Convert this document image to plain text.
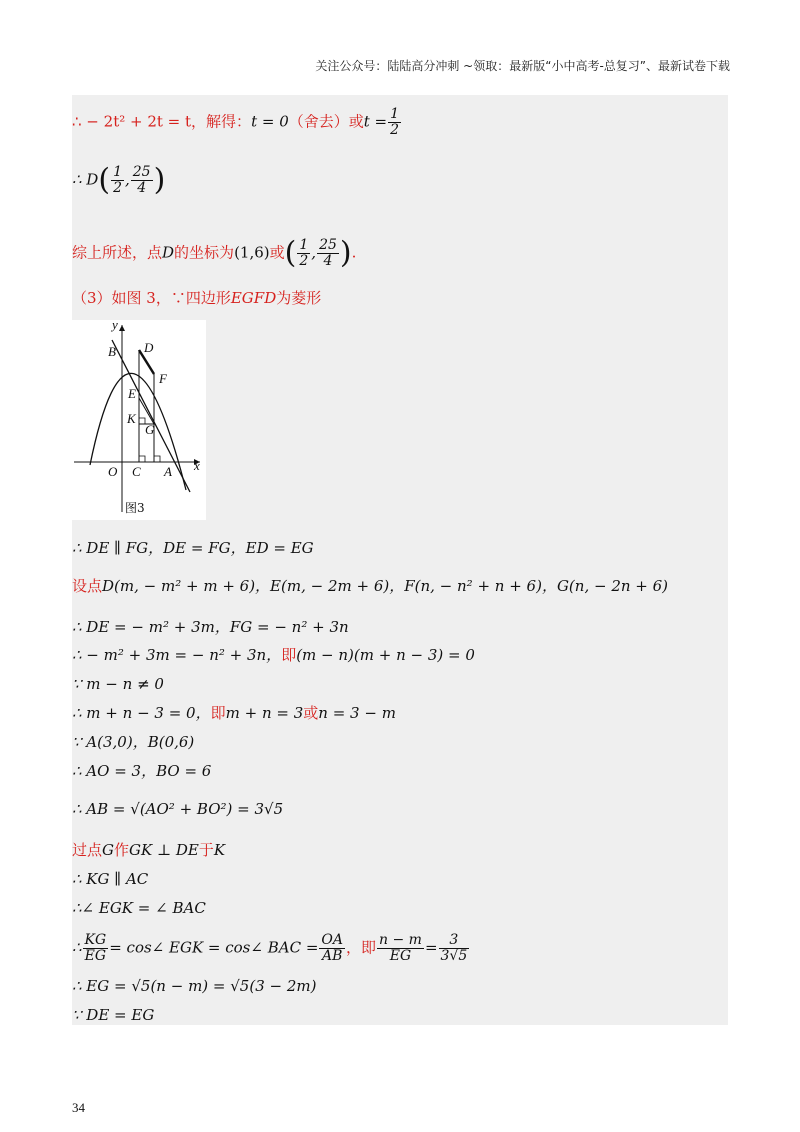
关注公众号：陆陆高分冲刺 ~领取：最新版“小中高考-总复习”、最新试卷下载
∴ − 2t² + 2t = t，解得：t = 0（舍去）或$t = \frac{1}{2}$
∴ $D( \frac{1}{2}$ , $\frac{25}{4}$ )
综上所述，点D的坐标为(1,6)或( $\frac{1}{2}$ , $\frac{25}{4}$ ).
（3）如图 3，∵四边形EGFD为菱形
y
B D
F
E
K
G
O C A x
图3
∴ DE ∥ FG，DE = FG，ED = EG
设点D(m, − m² + m + 6)，E(m, − 2m + 6)，F(n, − n² + n + 6)，G(n, − 2n + 6)
∴ DE = − m² + 3m，FG = − n² + 3n
∴ − m² + 3m = − n² + 3n，即(m − n)(m + n − 3) = 0
∵ m − n ≠ 0
∴ m + n − 3 = 0，即m + n = 3或n = 3 − m
∵ A(3,0)，B(0,6)
∴ AO = 3，BO = 6
∴ AB = √(AO² + BO²) = 3√5
过点G作GK ⊥ DE于K
∴ KG ∥ AC
∴∠ EGK = ∠ BAC
∴ $\frac{KG}{EG}$ = cos∠ EGK = cos∠ BAC = $\frac{OA}{AB}$ ，即 $\frac{n - m}{EG} = \frac{3}{3√5}$
∴ EG = √5(n − m) = √5(3 − 2m)
∵ DE = EG
34
